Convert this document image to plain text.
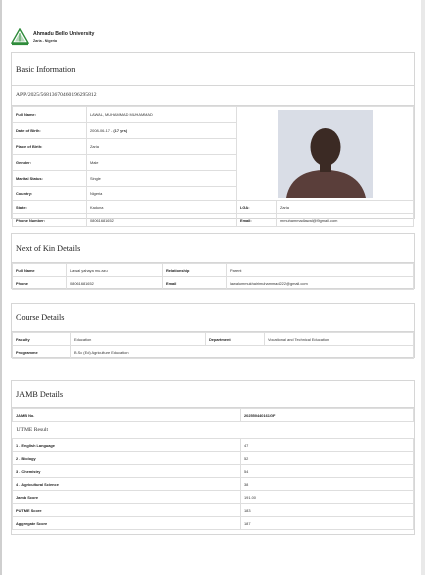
Ahmadu Bello University
Zaria - Nigeria
Basic Information
APP/2025/56813670460196295812
Full Name:	LAWAL, MUHAMMAD MUHAMMAD	

Date of Birth:	2008-06-17 - (17 yrs)		
Place of Birth:	Zaria		
Gender:	Male		
Marital Status:	Single		
Country:	Nigeria		
State:	Kaduna	LGA:	Zaria
Phone Number:	08061681652	Email:	mmuhammadlawal@l9gmail.com
Next of Kin Details
Full Name	Lawal yahaya mu.azu	Relationship	Parent
Phone	08061681652	Email	lawalummukhairimuhammad222@gmail.com
Course Details
Faculty	Education	Department	Vocational and Technical Education
Programme	B.Sc (Ed) Agriculture Education		
JAMB Details
JAMB No.	202550440161GF

UTME Result	

1 . English Language	47
2 . Biology	52
3 . Chemistry	54
4 . Agricultural Science	38
Jamb Score	191.00
PUTME Score	183
Aggregate Score	187
